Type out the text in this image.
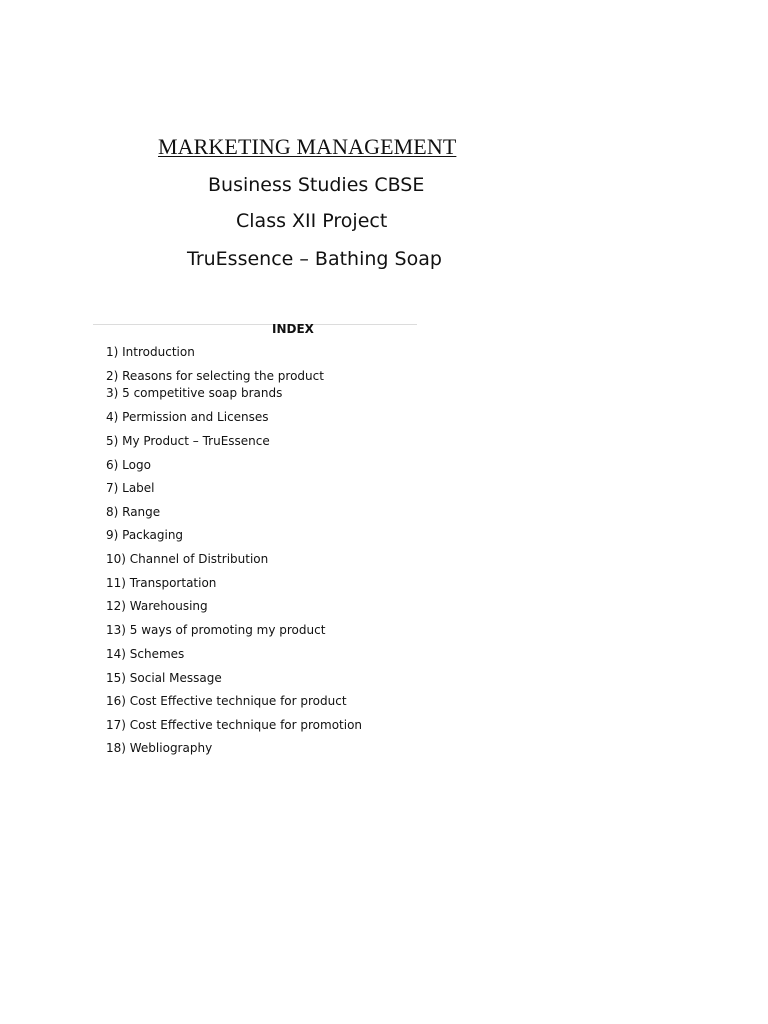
MARKETING MANAGEMENT
Business Studies CBSE
Class XII Project
TruEssence – Bathing Soap
INDEX
1) Introduction
2) Reasons for selecting the product
3) 5 competitive soap brands
4) Permission and Licenses
5) My Product – TruEssence
6) Logo
7) Label
8) Range
9) Packaging
10) Channel of Distribution
11) Transportation
12) Warehousing
13) 5 ways of promoting my product
14) Schemes
15) Social Message
16) Cost Effective technique for product
17) Cost Effective technique for promotion
18) Webliography
